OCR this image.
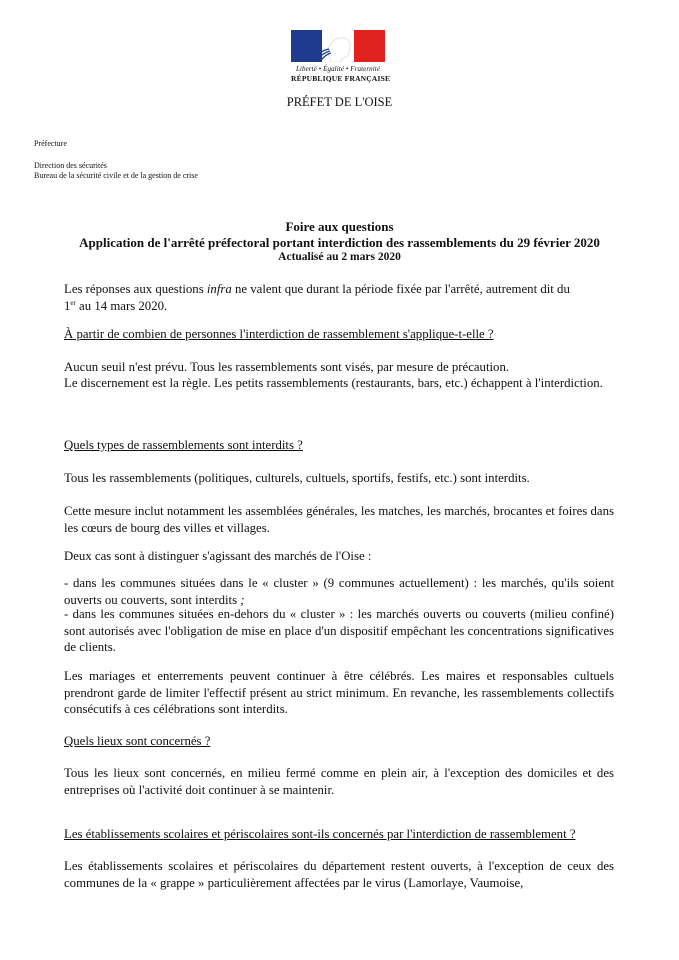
Liberté • Égalité • Fraternité
RÉPUBLIQUE FRANÇAISE
PRÉFET DE L'OISE
Préfecture
Direction des sécurités
Bureau de la sécurité civile et de la gestion de crise
Foire aux questions
Application de l'arrêté préfectoral portant interdiction des rassemblements du 29 février 2020
Actualisé au 2 mars 2020
Les réponses aux questions infra ne valent que durant la période fixée par l'arrêté, autrement dit du
1er au 14 mars 2020.
À partir de combien de personnes l'interdiction de rassemblement s'applique-t-elle ?
Aucun seuil n'est prévu. Tous les rassemblements sont visés, par mesure de précaution.
Le discernement est la règle. Les petits rassemblements (restaurants, bars, etc.) échappent à l'interdiction.
Quels types de rassemblements sont interdits ?
Tous les rassemblements (politiques, culturels, cultuels, sportifs, festifs, etc.) sont interdits.
Cette mesure inclut notamment les assemblées générales, les matches, les marchés, brocantes et foires dans les cœurs de bourg des villes et villages.
Deux cas sont à distinguer s'agissant des marchés de l'Oise :
- dans les communes situées dans le « cluster » (9 communes actuellement) : les marchés, qu'ils soient ouverts ou couverts, sont interdits ;
- dans les communes situées en-dehors du « cluster » : les marchés ouverts ou couverts (milieu confiné) sont autorisés avec l'obligation de mise en place d'un dispositif empêchant les concentrations significatives de clients.
Les mariages et enterrements peuvent continuer à être célébrés. Les maires et responsables cultuels prendront garde de limiter l'effectif présent au strict minimum. En revanche, les rassemblements collectifs consécutifs à ces célébrations sont interdits.
Quels lieux sont concernés ?
Tous les lieux sont concernés, en milieu fermé comme en plein air, à l'exception des domiciles et des entreprises où l'activité doit continuer à se maintenir.
Les établissements scolaires et périscolaires sont-ils concernés par l'interdiction de rassemblement ?
Les établissements scolaires et périscolaires du département restent ouverts, à l'exception de ceux des communes de la « grappe » particulièrement affectées par le virus (Lamorlaye, Vaumoise,
